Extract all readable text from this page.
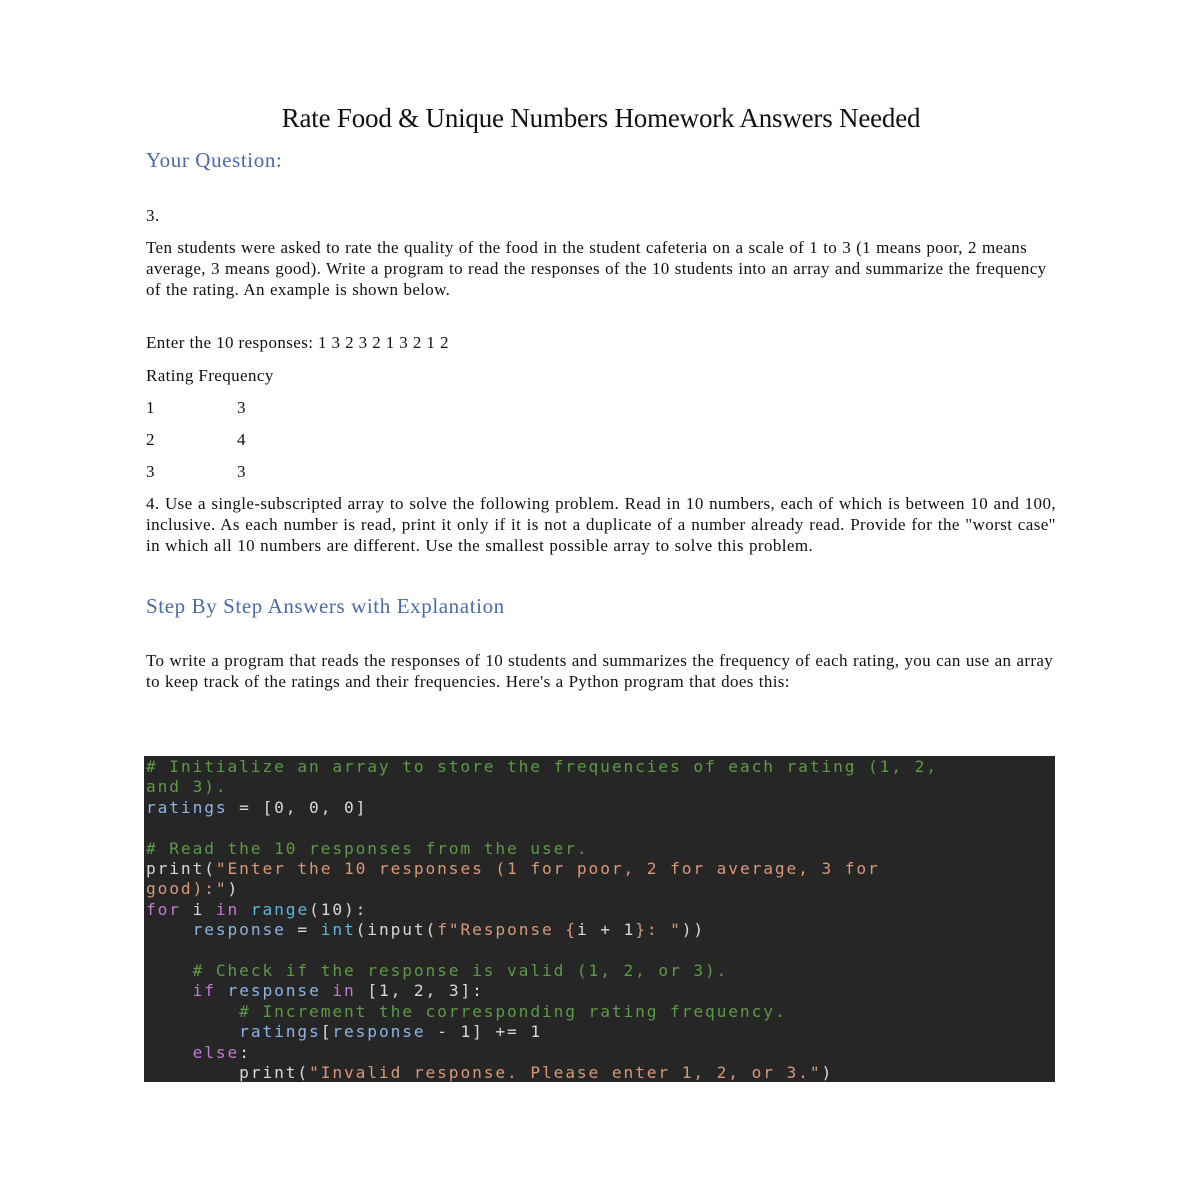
Rate Food & Unique Numbers Homework Answers Needed
Your Question:
3.
Ten students were asked to rate the quality of the food in the student cafeteria on a scale of 1 to 3 (1 means poor, 2 means average, 3 means good). Write a program to read the responses of the 10 students into an array and summarize the frequency of the rating. An example is shown below.
Enter the 10 responses: 1 3 2 3 2 1 3 2 1 2
Rating Frequency
1	3
2	4
3	3
4. Use a single-subscripted array to solve the following problem. Read in 10 numbers, each of which is between 10 and 100, inclusive. As each number is read, print it only if it is not a duplicate of a number already read. Provide for the "worst case" in which all 10 numbers are different. Use the smallest possible array to solve this problem.
Step By Step Answers with Explanation
To write a program that reads the responses of 10 students and summarizes the frequency of each rating, you can use an array to keep track of the ratings and their frequencies. Here's a Python program that does this:
# Initialize an array to store the frequencies of each rating (1, 2,
and 3).
ratings = [0, 0, 0]
# Read the 10 responses from the user.
print("Enter the 10 responses (1 for poor, 2 for average, 3 for
good):")
for i in range(10):
response = int(input(f"Response {i + 1}: "))
# Check if the response is valid (1, 2, or 3).
if response in [1, 2, 3]:
# Increment the corresponding rating frequency.
ratings[response - 1] += 1
else:
print("Invalid response. Please enter 1, 2, or 3.")
